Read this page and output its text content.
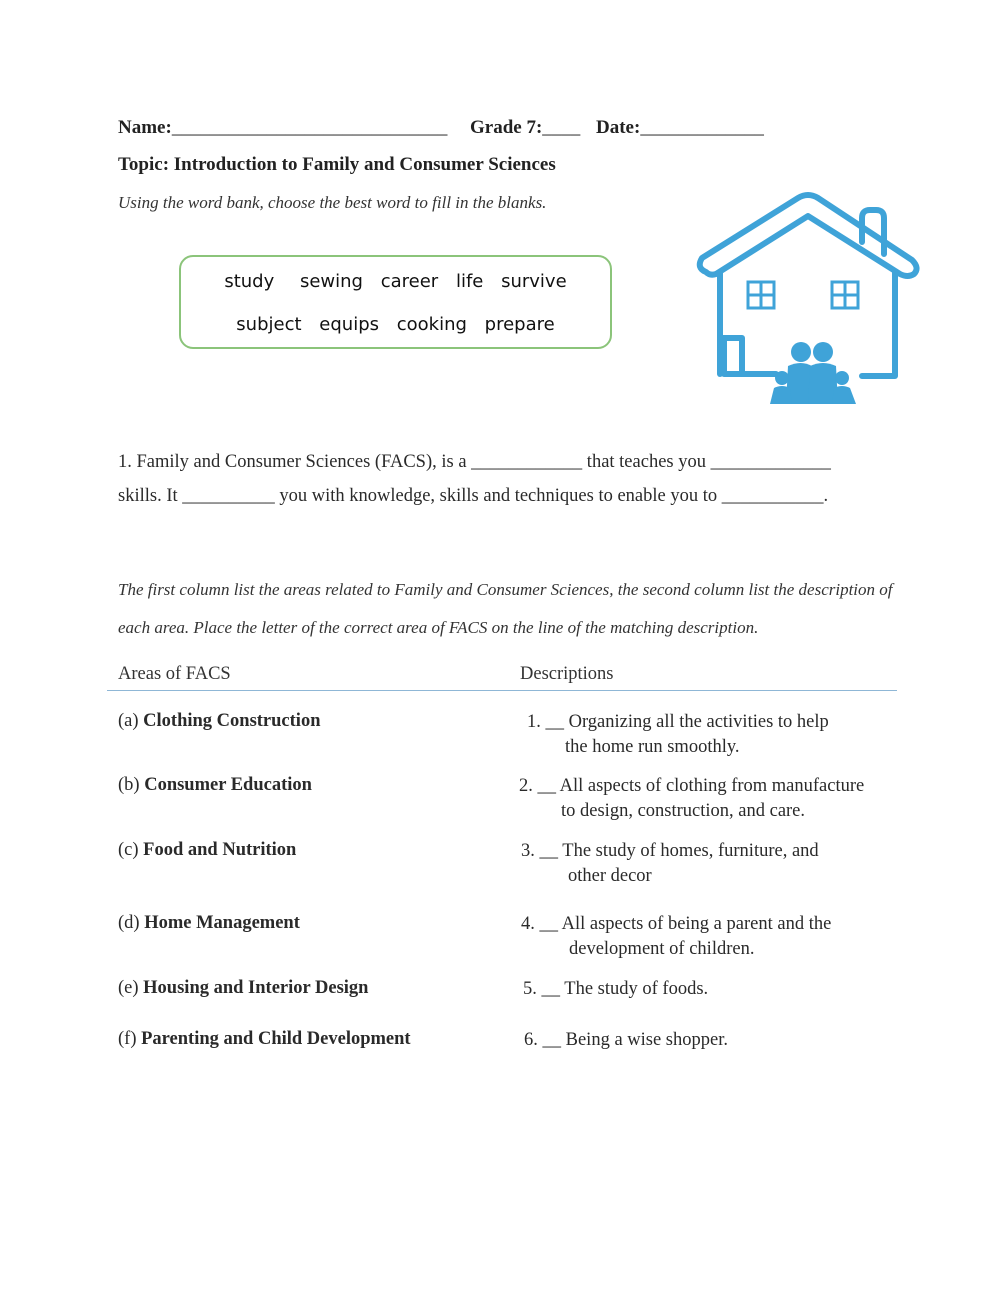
Name:_____________________________ Grade 7:____ Date:_____________
Topic: Introduction to Family and Consumer Sciences
Using the word bank, choose the best word to fill in the blanks.
study sewing career life survive
subject equips cooking prepare
1. Family and Consumer Sciences (FACS), is a ____________ that teaches you _____________
skills. It __________ you with knowledge, skills and techniques to enable you to ___________.
The first column list the areas related to Family and Consumer Sciences, the second column list the description of
each area. Place the letter of the correct area of FACS on the line of the matching description.
Areas of FACS	Descriptions
(a) Clothing Construction
(b) Consumer Education
(c) Food and Nutrition
(d) Home Management
(e) Housing and Interior Design
(f) Parenting and Child Development
1. __ Organizing all the activities to help
the home run smoothly.
2. __ All aspects of clothing from manufacture
to design, construction, and care.
3. __ The study of homes, furniture, and
other decor
4. __ All aspects of being a parent and the
development of children.
5. __ The study of foods.
6. __ Being a wise shopper.
